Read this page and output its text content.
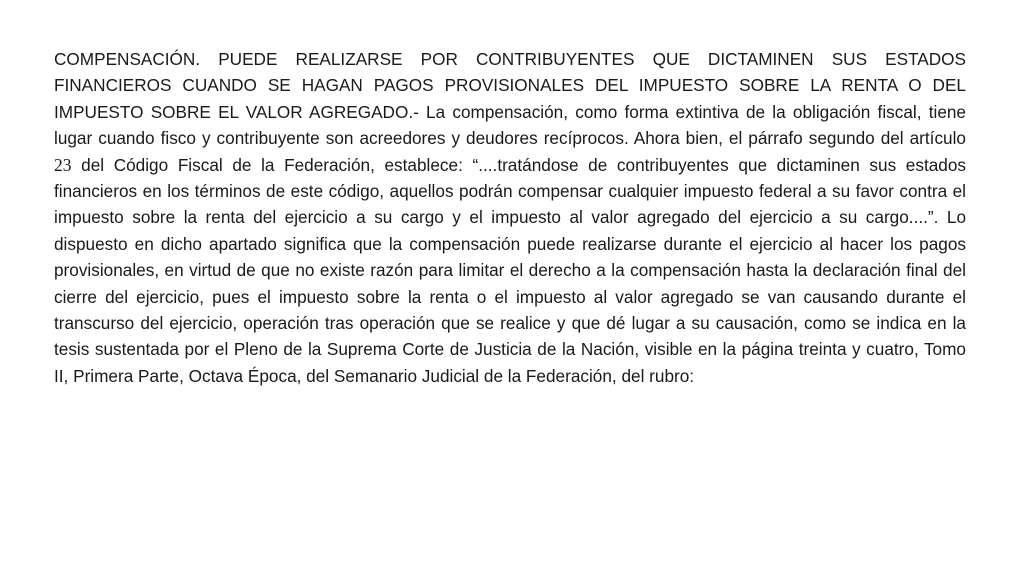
COMPENSACIÓN. PUEDE REALIZARSE POR CONTRIBUYENTES QUE DICTAMINEN SUS ESTADOS FINANCIEROS CUANDO SE HAGAN PAGOS PROVISIONALES DEL IMPUESTO SOBRE LA RENTA O DEL IMPUESTO SOBRE EL VALOR AGREGADO.- La compensación, como forma extintiva de la obligación fiscal, tiene lugar cuando fisco y contribuyente son acreedores y deudores recíprocos. Ahora bien, el párrafo segundo del artículo 23 del Código Fiscal de la Federación, establece: “....tratándose de contribuyentes que dictaminen sus estados financieros en los términos de este código, aquellos podrán compensar cualquier impuesto federal a su favor contra el impuesto sobre la renta del ejercicio a su cargo y el impuesto al valor agregado del ejercicio a su cargo....”. Lo dispuesto en dicho apartado significa que la compensación puede realizarse durante el ejercicio al hacer los pagos provisionales, en virtud de que no existe razón para limitar el derecho a la compensación hasta la declaración final del cierre del ejercicio, pues el impuesto sobre la renta o el impuesto al valor agregado se van causando durante el transcurso del ejercicio, operación tras operación que se realice y que dé lugar a su causación, como se indica en la tesis sustentada por el Pleno de la Suprema Corte de Justicia de la Nación, visible en la página treinta y cuatro, Tomo II, Primera Parte, Octava Época, del Semanario Judicial de la Federación, del rubro:
